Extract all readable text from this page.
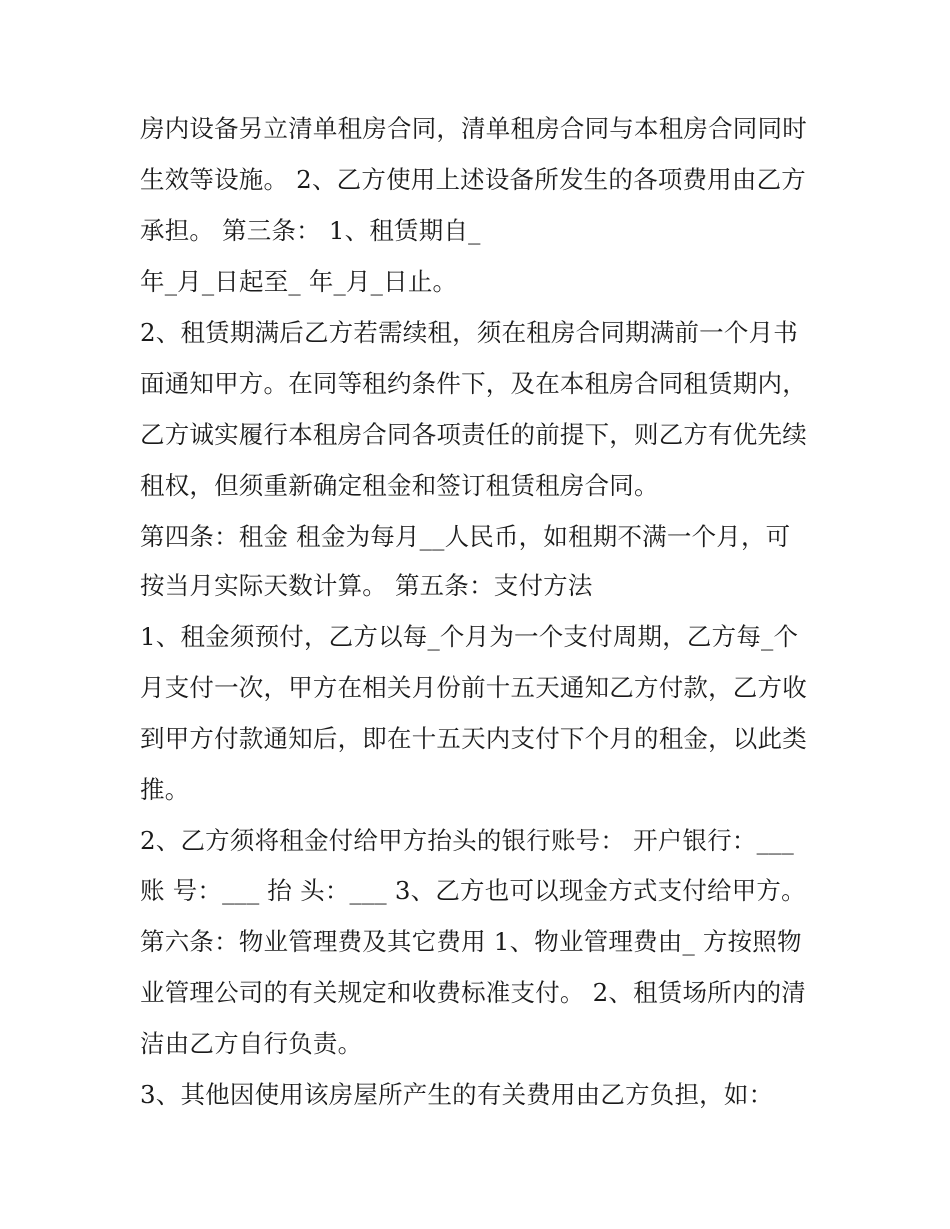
房内设备另立清单租房合同，清单租房合同与本租房合同同时
生效等设施。 2、乙方使用上述设备所发生的各项费用由乙方
承担。 第三条： 1、租赁期自_
年_月_日起至_ 年_月_日止。
2、租赁期满后乙方若需续租，须在租房合同期满前一个月书
面通知甲方。在同等租约条件下，及在本租房合同租赁期内，
乙方诚实履行本租房合同各项责任的前提下，则乙方有优先续
租权，但须重新确定租金和签订租赁租房合同。
第四条：租金 租金为每月__人民币，如租期不满一个月，可
按当月实际天数计算。 第五条：支付方法
1、租金须预付，乙方以每_个月为一个支付周期，乙方每_个
月支付一次，甲方在相关月份前十五天通知乙方付款，乙方收
到甲方付款通知后，即在十五天内支付下个月的租金，以此类
推。
2、乙方须将租金付给甲方抬头的银行账号： 开户银行：___
账 号：___ 抬 头：___ 3、乙方也可以现金方式支付给甲方。
第六条：物业管理费及其它费用 1、物业管理费由_ 方按照物
业管理公司的有关规定和收费标准支付。 2、租赁场所内的清
洁由乙方自行负责。
3、其他因使用该房屋所产生的有关费用由乙方负担，如：
